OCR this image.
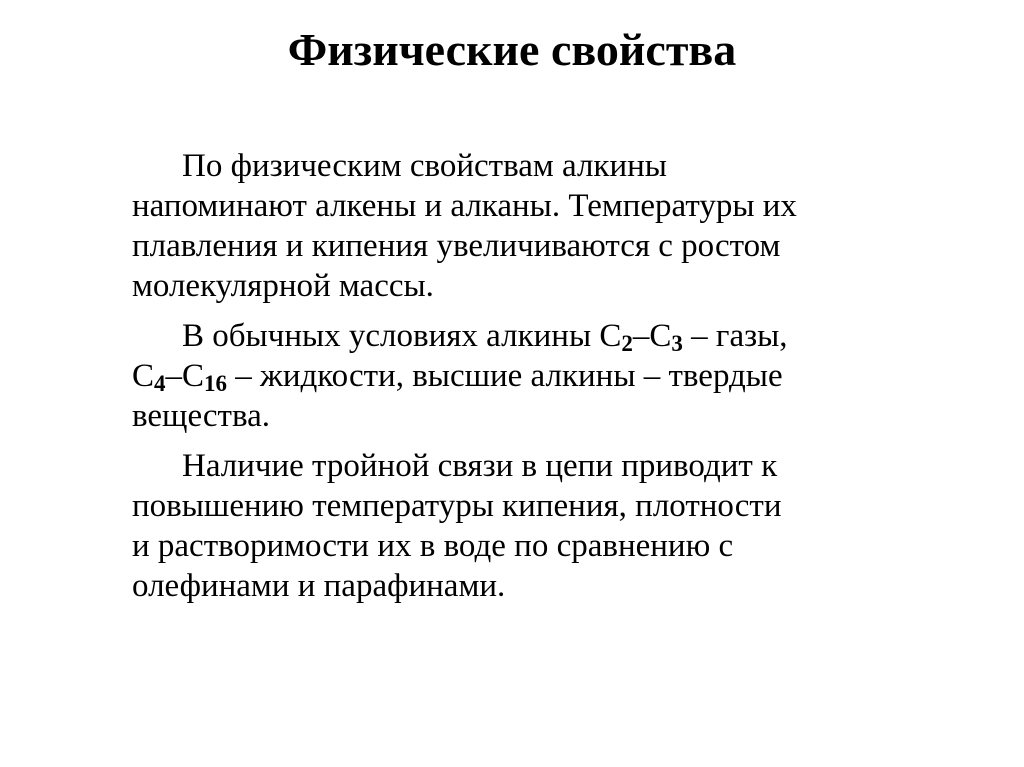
Физические свойства

По физическим свойствам алкины
напоминают алкены и алканы. Температуры их
плавления и кипения увеличиваются с ростом
молекулярной массы.

В обычных условиях алкины $C_2-C_3$ – газы,
$C_4-C_{16}$ – жидкости, высшие алкины – твердые
вещества.

Наличие тройной связи в цепи приводит к
повышению температуры кипения, плотности
и растворимости их в воде по сравнению с
олефинами и парафинами.
